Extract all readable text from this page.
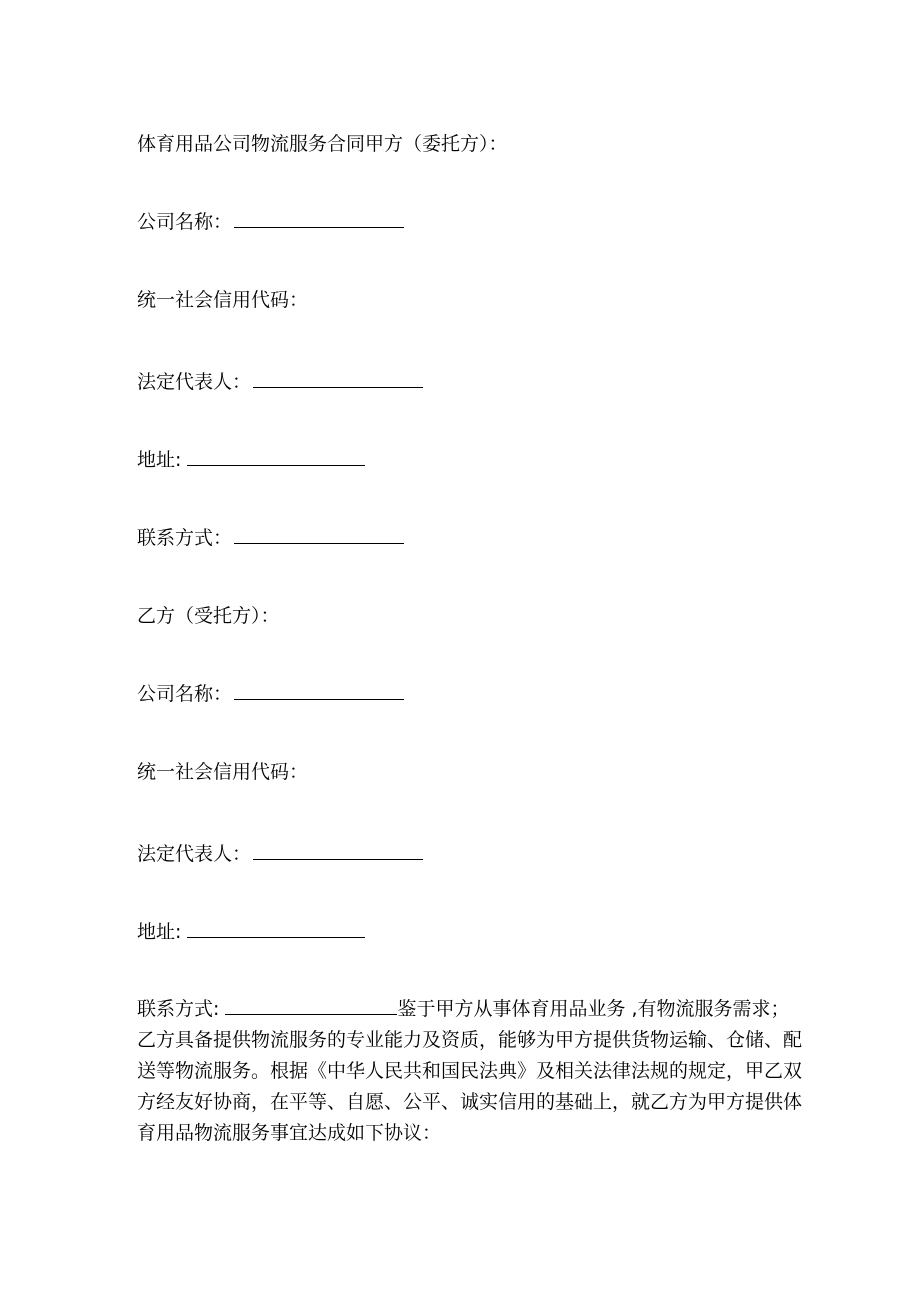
体育用品公司物流服务合同甲方（委托方）：
公司名称：
统一社会信用代码：
法定代表人：
地址:
联系方式：
乙方（受托方）：
公司名称：
统一社会信用代码：
法定代表人：
地址:
联系方式:	鉴于甲方从事体育用品业务 ,有物流服务需求；乙方具备提供物流服务的专业能力及资质，能够为甲方提供货物运输、仓储、配送等物流服务。根据《中华人民共和国民法典》及相关法律法规的规定，甲乙双方经友好协商，在平等、自愿、公平、诚实信用的基础上，就乙方为甲方提供体育用品物流服务事宜达成如下协议：
